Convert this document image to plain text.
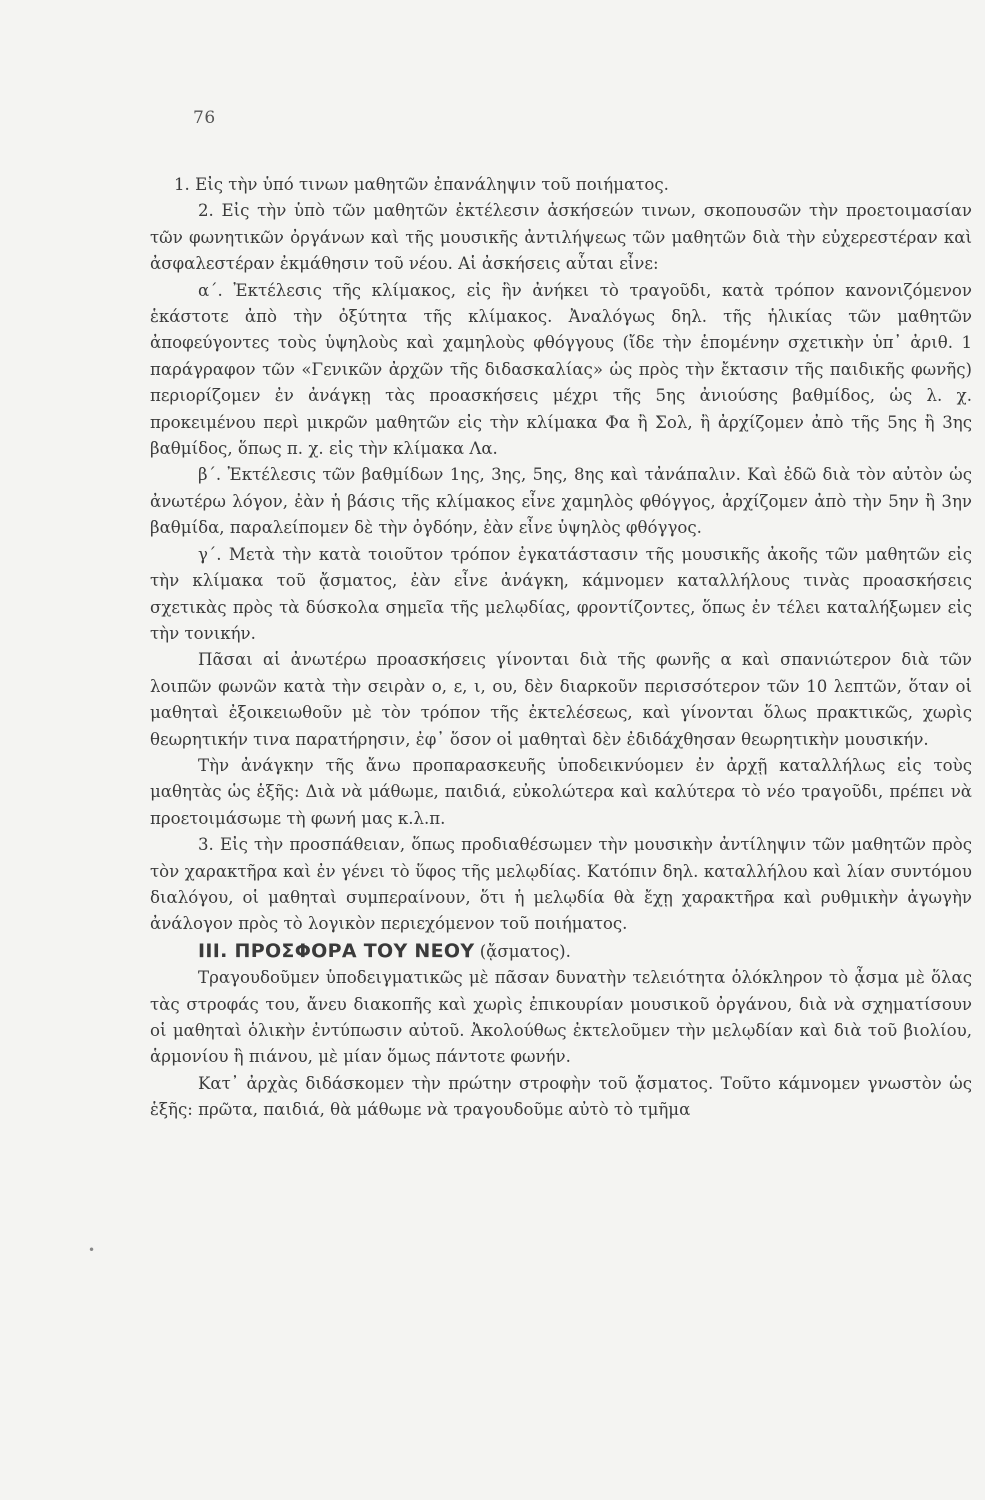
76
•

1. Εἰς τὴν ὑπό τινων μαθητῶν ἐπανάληψιν τοῦ ποιήματος.

2. Εἰς τὴν ὑπὸ τῶν μαθητῶν ἐκτέλεσιν ἀσκήσεών τινων, σκοπουσῶν τὴν προετοιμασίαν τῶν φωνητικῶν ὀργάνων καὶ τῆς μουσικῆς ἀντιλήψεως τῶν μαθητῶν διὰ τὴν εὐχερεστέραν καὶ ἀσφαλεστέραν ἐκμάθησιν τοῦ νέου. Αἱ ἀσκήσεις αὗται εἶνε:

α΄. Ἐκτέλεσις τῆς κλίμακος, εἰς ἣν ἀνήκει τὸ τραγοῦδι, κατὰ τρόπον κανονιζόμενον ἑκάστοτε ἀπὸ τὴν ὀξύτητα τῆς κλίμακος. Ἀναλόγως δηλ. τῆς ἡλικίας τῶν μαθητῶν ἀποφεύγοντες τοὺς ὑψηλοὺς καὶ χαμηλοὺς φθόγγους (ἴδε τὴν ἑπομένην σχετικὴν ὑπ᾽ ἀριθ. 1 παράγραφον τῶν «Γενικῶν ἀρχῶν τῆς διδασκαλίας» ὡς πρὸς τὴν ἔκτασιν τῆς παιδικῆς φωνῆς) περιορίζομεν ἐν ἀνάγκῃ τὰς προασκήσεις μέχρι τῆς 5ης ἀνιούσης βαθμίδος, ὡς λ. χ. προκειμένου περὶ μικρῶν μαθητῶν εἰς τὴν κλίμακα Φα ἢ Σολ, ἢ ἀρχίζομεν ἀπὸ τῆς 5ης ἢ 3ης βαθμίδος, ὅπως π. χ. εἰς τὴν κλίμακα Λα.

β΄. Ἐκτέλεσις τῶν βαθμίδων 1ης, 3ης, 5ης, 8ης καὶ τἀνάπαλιν. Καὶ ἐδῶ διὰ τὸν αὐτὸν ὡς ἀνωτέρω λόγον, ἐὰν ἡ βάσις τῆς κλίμακος εἶνε χαμηλὸς φθόγγος, ἀρχίζομεν ἀπὸ τὴν 5ην ἢ 3ην βαθμίδα, παραλείπομεν δὲ τὴν ὀγδόην, ἐὰν εἶνε ὑψηλὸς φθόγγος.

γ΄. Μετὰ τὴν κατὰ τοιοῦτον τρόπον ἐγκατάστασιν τῆς μουσικῆς ἀκοῆς τῶν μαθητῶν εἰς τὴν κλίμακα τοῦ ᾄσματος, ἐὰν εἶνε ἀνάγκη, κάμνομεν καταλλήλους τινὰς προασκήσεις σχετικὰς πρὸς τὰ δύσκολα σημεῖα τῆς μελῳδίας, φροντίζοντες, ὅπως ἐν τέλει καταλήξωμεν εἰς τὴν τονικήν.

Πᾶσαι αἱ ἀνωτέρω προασκήσεις γίνονται διὰ τῆς φωνῆς α καὶ σπανιώτερον διὰ τῶν λοιπῶν φωνῶν κατὰ τὴν σειρὰν ο, ε, ι, ου, δὲν διαρκοῦν περισσότερον τῶν 10 λεπτῶν, ὅταν οἱ μαθηταὶ ἐξοικειωθοῦν μὲ τὸν τρόπον τῆς ἐκτελέσεως, καὶ γίνονται ὅλως πρακτικῶς, χωρὶς θεωρητικήν τινα παρατήρησιν, ἐφ᾽ ὅσον οἱ μαθηταὶ δὲν ἐδιδάχθησαν θεωρητικὴν μουσικήν.

Τὴν ἀνάγκην τῆς ἄνω προπαρασκευῆς ὑποδεικνύομεν ἐν ἀρχῇ καταλλήλως εἰς τοὺς μαθητὰς ὡς ἑξῆς: Διὰ νὰ μάθωμε, παιδιά, εὐκολώτερα καὶ καλύτερα τὸ νέο τραγοῦδι, πρέπει νὰ προετοιμάσωμε τὴ φωνή μας κ.λ.π.

3. Εἰς τὴν προσπάθειαν, ὅπως προδιαθέσωμεν τὴν μουσικὴν ἀντίληψιν τῶν μαθητῶν πρὸς τὸν χαρακτῆρα καὶ ἐν γένει τὸ ὕφος τῆς μελῳδίας. Κατόπιν δηλ. καταλλήλου καὶ λίαν συντόμου διαλόγου, οἱ μαθηταὶ συμπεραίνουν, ὅτι ἡ μελῳδία θὰ ἔχῃ χαρακτῆρα καὶ ρυθμικὴν ἀγωγὴν ἀνάλογον πρὸς τὸ λογικὸν περιεχόμενον τοῦ ποιήματος.

ΙΙΙ. ΠΡΟΣΦΟΡΑ ΤΟΥ ΝΕΟΥ (ᾄσματος).

Τραγουδοῦμεν ὑποδειγματικῶς μὲ πᾶσαν δυνατὴν τελειότητα ὁλόκληρον τὸ ᾆσμα μὲ ὅλας τὰς στροφάς του, ἄνευ διακοπῆς καὶ χωρὶς ἐπικουρίαν μουσικοῦ ὀργάνου, διὰ νὰ σχηματίσουν οἱ μαθηταὶ ὁλικὴν ἐντύπωσιν αὐτοῦ. Ἀκολούθως ἐκτελοῦμεν τὴν μελῳδίαν καὶ διὰ τοῦ βιολίου, ἁρμονίου ἢ πιάνου, μὲ μίαν ὅμως πάντοτε φωνήν.

Κατ᾽ ἀρχὰς διδάσκομεν τὴν πρώτην στροφὴν τοῦ ᾄσματος. Τοῦτο κάμνομεν γνωστὸν ὡς ἑξῆς: πρῶτα, παιδιά, θὰ μάθωμε νὰ τραγουδοῦμε αὐτὸ τὸ τμῆμα
